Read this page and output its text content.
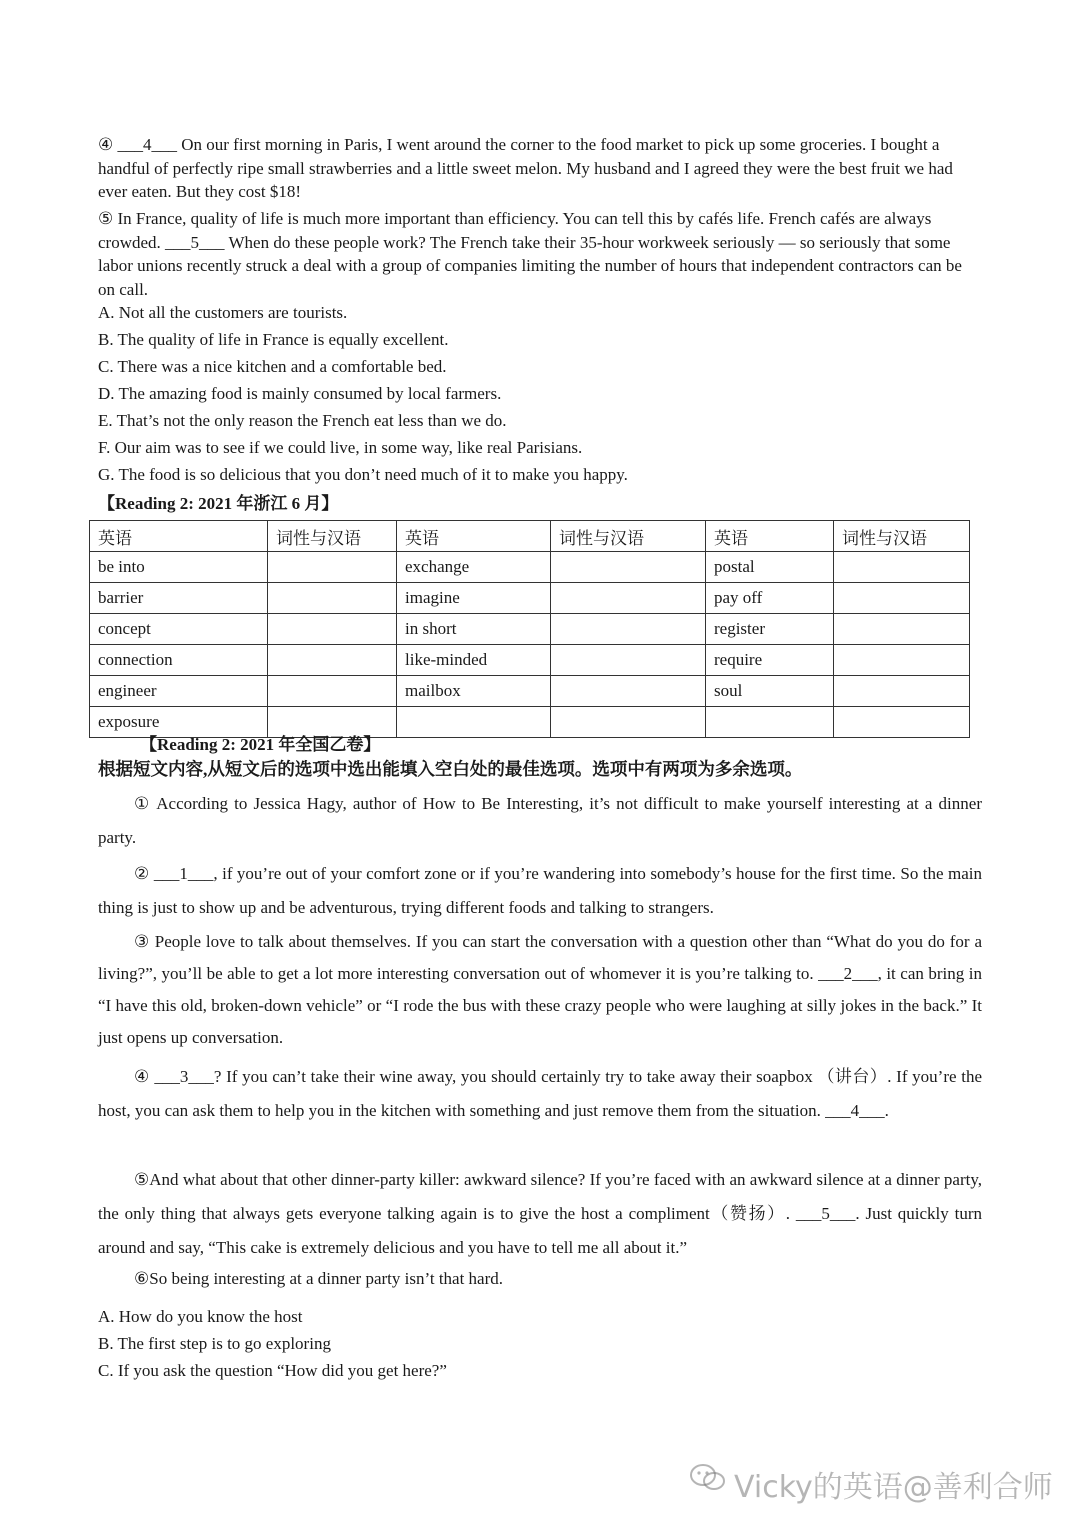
④ ___4___ On our first morning in Paris, I went around the corner to the food market to pick up some groceries. I bought a handful of perfectly ripe small strawberries and a little sweet melon. My husband and I agreed they were the best fruit we had ever eaten. But they cost $18!

⑤ In France, quality of life is much more important than efficiency. You can tell this by cafés life. French cafés are always crowded. ___5___ When do these people work? The French take their 35-hour workweek seriously — so seriously that some labor unions recently struck a deal with a group of companies limiting the number of hours that independent contractors can be on call.

A. Not all the customers are tourists.

B. The quality of life in France is equally excellent.

C. There was a nice kitchen and a comfortable bed.

D. The amazing food is mainly consumed by local farmers.

E. That’s not the only reason the French eat less than we do.

F. Our aim was to see if we could live, in some way, like real Parisians.

G. The food is so delicious that you don’t need much of it to make you happy.

【Reading 2: 2021 年浙江 6 月】

英语	词性与汉语	英语	词性与汉语	英语	词性与汉语
be into		exchange		postal	
barrier		imagine		pay off	
concept		in short		register	
connection		like-minded		require	
engineer		mailbox		soul	
exposure					

【Reading 2: 2021 年全国乙卷】

根据短文内容,从短文后的选项中选出能填入空白处的最佳选项。选项中有两项为多余选项。

① According to Jessica Hagy, author of How to Be Interesting, it’s not difficult to make yourself interesting at a dinner party.

② ___1___, if you’re out of your comfort zone or if you’re wandering into somebody’s house for the first time. So the main thing is just to show up and be adventurous, trying different foods and talking to strangers.

③ People love to talk about themselves. If you can start the conversation with a question other than “What do you do for a living?”, you’ll be able to get a lot more interesting conversation out of whomever it is you’re talking to. ___2___, it can bring in “I have this old, broken-down vehicle” or “I rode the bus with these crazy people who were laughing at silly jokes in the back.” It just opens up conversation.

④ ___3___? If you can’t take their wine away, you should certainly try to take away their soapbox （讲台）. If you’re the host, you can ask them to help you in the kitchen with something and just remove them from the situation. ___4___.

⑤And what about that other dinner-party killer: awkward silence? If you’re faced with an awkward silence at a dinner party, the only thing that always gets everyone talking again is to give the host a compliment（赞扬）. ___5___. Just quickly turn around and say, “This cake is extremely delicious and you have to tell me all about it.”

⑥So being interesting at a dinner party isn’t that hard.

A. How do you know the host

B. The first step is to go exploring

C. If you ask the question “How did you get here?”

Vicky的英语@善利合师
